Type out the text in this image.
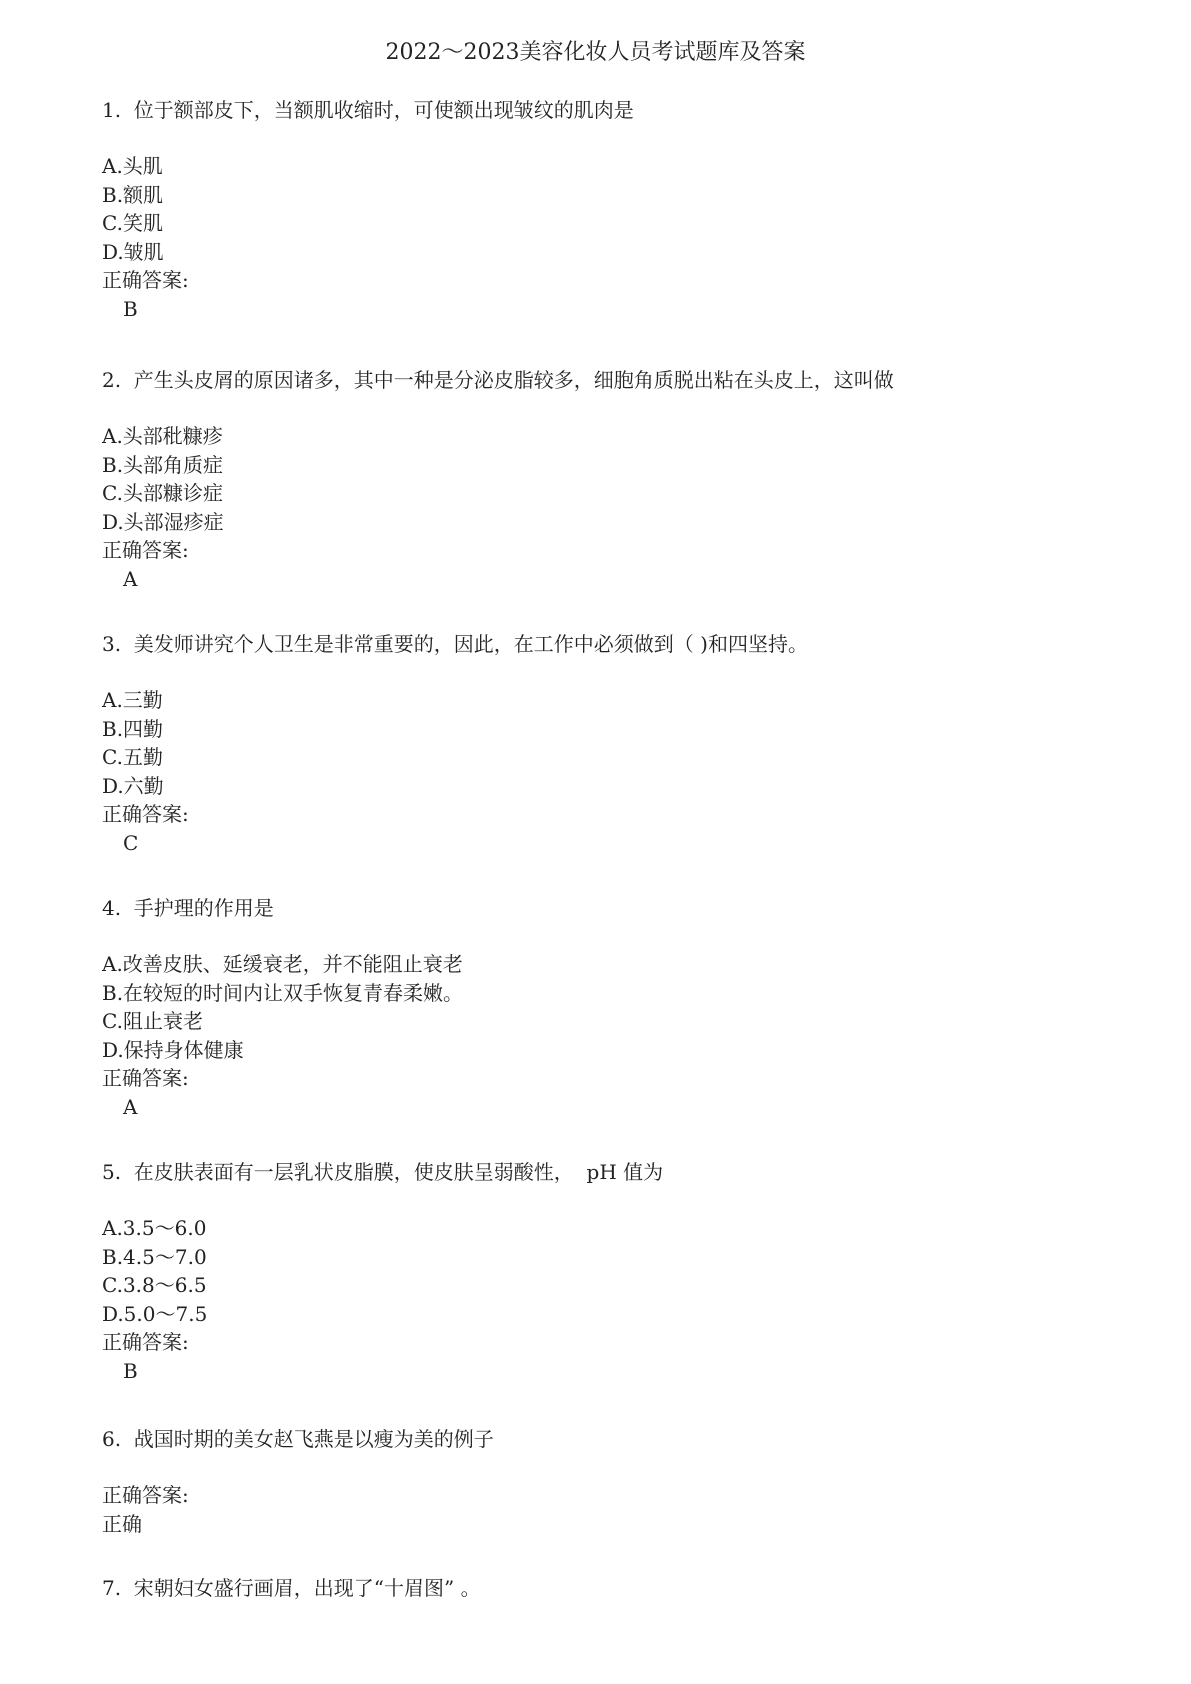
2022～2023美容化妆人员考试题库及答案
1.  位于额部皮下，当额肌收缩时，可使额出现皱纹的肌肉是
A.头肌
B.额肌
C.笑肌
D.皱肌
正确答案:
B
2.  产生头皮屑的原因诸多，其中一种是分泌皮脂较多，细胞角质脱出粘在头皮上，这叫做
A.头部秕糠疹
B.头部角质症
C.头部糠诊症
D.头部湿疹症
正确答案:
A
3.  美发师讲究个人卫生是非常重要的，因此，在工作中必须做到（ )和四坚持。
A.三勤
B.四勤
C.五勤
D.六勤
正确答案:
C
4.  手护理的作用是
A.改善皮肤、延缓衰老，并不能阻止衰老
B.在较短的时间内让双手恢复青春柔嫩。
C.阻止衰老
D.保持身体健康
正确答案:
A
5.  在皮肤表面有一层乳状皮脂膜，使皮肤呈弱酸性，  pH 值为
A.3.5～6.0
B.4.5～7.0
C.3.8～6.5
D.5.0～7.5
正确答案:
B
6.  战国时期的美女赵飞燕是以瘦为美的例子
正确答案:
正确
7.  宋朝妇女盛行画眉，出现了“十眉图” 。
